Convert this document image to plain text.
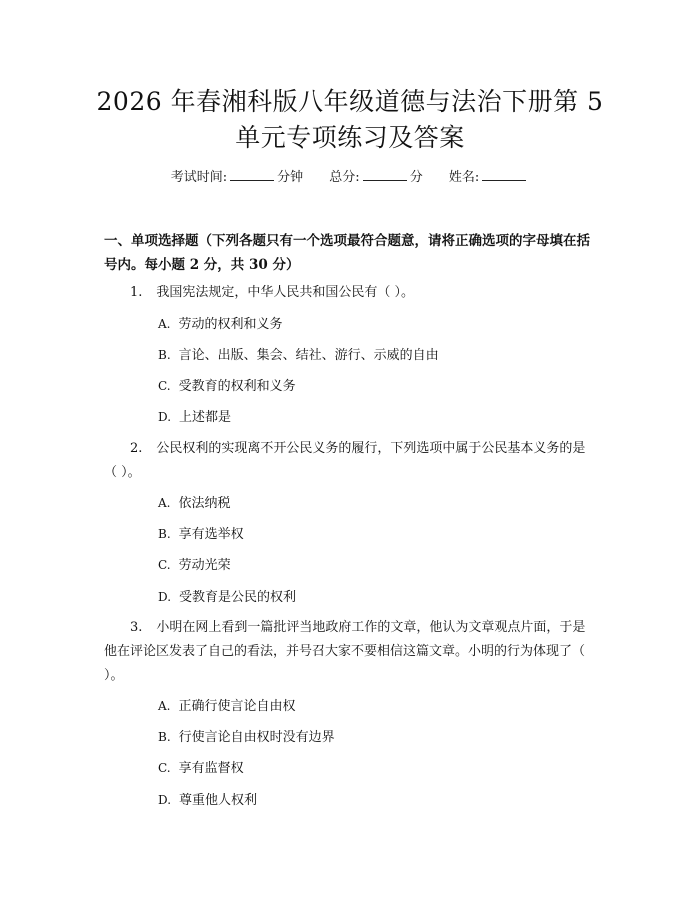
2026 年春湘科版八年级道德与法治下册第 5
单元专项练习及答案
考试时间:	分钟 总分:	分 姓名:
一、单项选择题（下列各题只有一个选项最符合题意，请将正确选项的字母填在括号内。每小题 2 分，共 30 分）
1. 我国宪法规定，中华人民共和国公民有（ ）。
A. 劳动的权利和义务
B. 言论、出版、集会、结社、游行、示威的自由
C. 受教育的权利和义务
D. 上述都是
2. 公民权利的实现离不开公民义务的履行，下列选项中属于公民基本义务的是（ ）。
A. 依法纳税
B. 享有选举权
C. 劳动光荣
D. 受教育是公民的权利
3. 小明在网上看到一篇批评当地政府工作的文章，他认为文章观点片面，于是他在评论区发表了自己的看法，并号召大家不要相信这篇文章。小明的行为体现了（ ）。
A. 正确行使言论自由权
B. 行使言论自由权时没有边界
C. 享有监督权
D. 尊重他人权利
